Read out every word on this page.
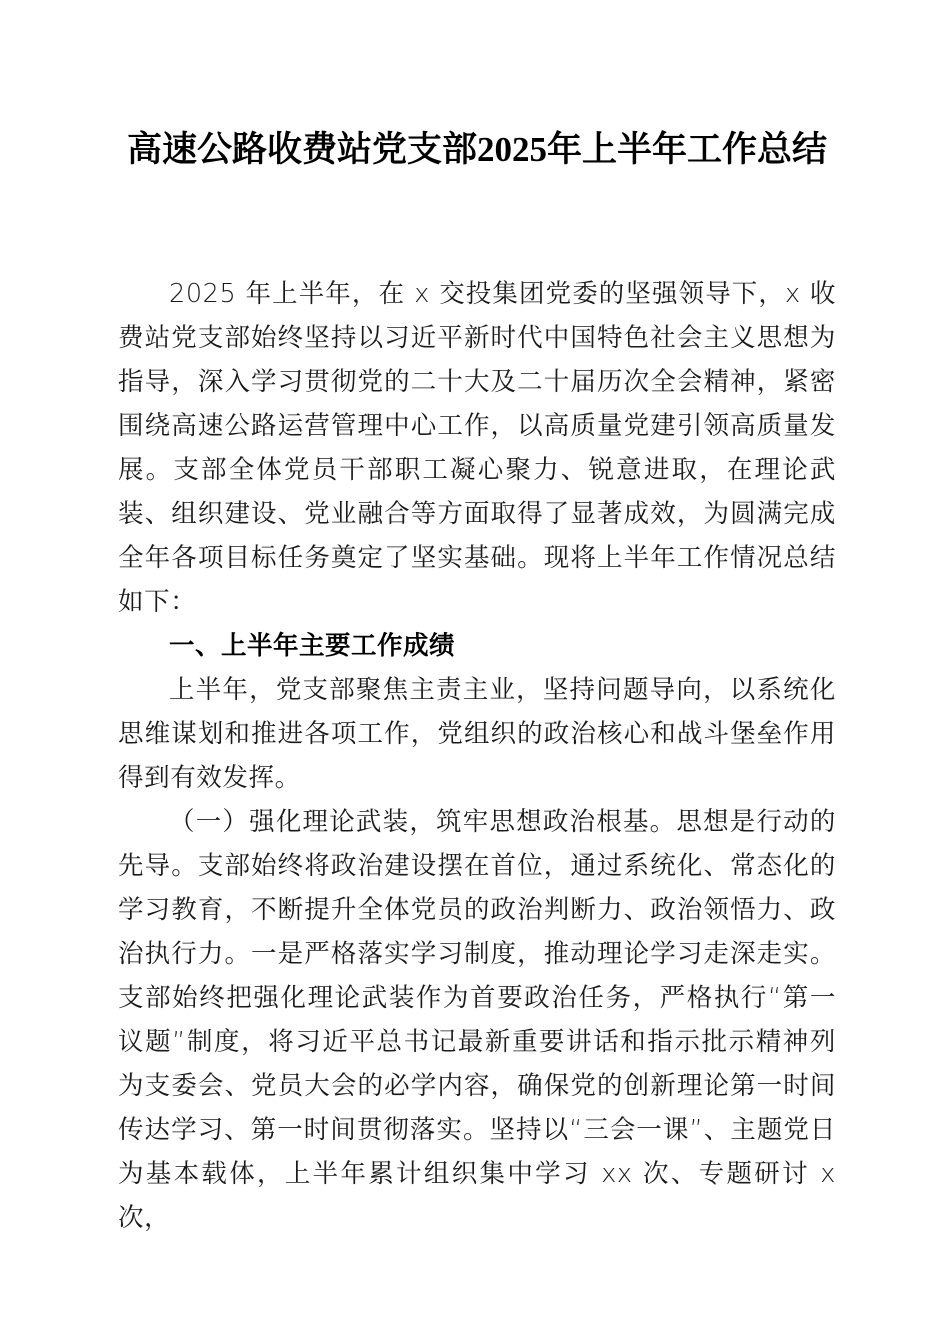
高速公路收费站党支部2025年上半年工作总结

2025 年上半年，在 x 交投集团党委的坚强领导下，x 收费站党支部始终坚持以习近平新时代中国特色社会主义思想为指导，深入学习贯彻党的二十大及二十届历次全会精神，紧密围绕高速公路运营管理中心工作，以高质量党建引领高质量发展。支部全体党员干部职工凝心聚力、锐意进取，在理论武装、组织建设、党业融合等方面取得了显著成效，为圆满完成全年各项目标任务奠定了坚实基础。现将上半年工作情况总结如下：

一、上半年主要工作成绩

上半年，党支部聚焦主责主业，坚持问题导向，以系统化思维谋划和推进各项工作，党组织的政治核心和战斗堡垒作用得到有效发挥。

（一）强化理论武装，筑牢思想政治根基。思想是行动的先导。支部始终将政治建设摆在首位，通过系统化、常态化的学习教育，不断提升全体党员的政治判断力、政治领悟力、政治执行力。一是严格落实学习制度，推动理论学习走深走实。支部始终把强化理论武装作为首要政治任务，严格执行“第一议题”制度，将习近平总书记最新重要讲话和指示批示精神列为支委会、党员大会的必学内容，确保党的创新理论第一时间传达学习、第一时间贯彻落实。坚持以“三会一课”、主题党日为基本载体，上半年累计组织集中学习 xx 次、专题研讨 x 次，
